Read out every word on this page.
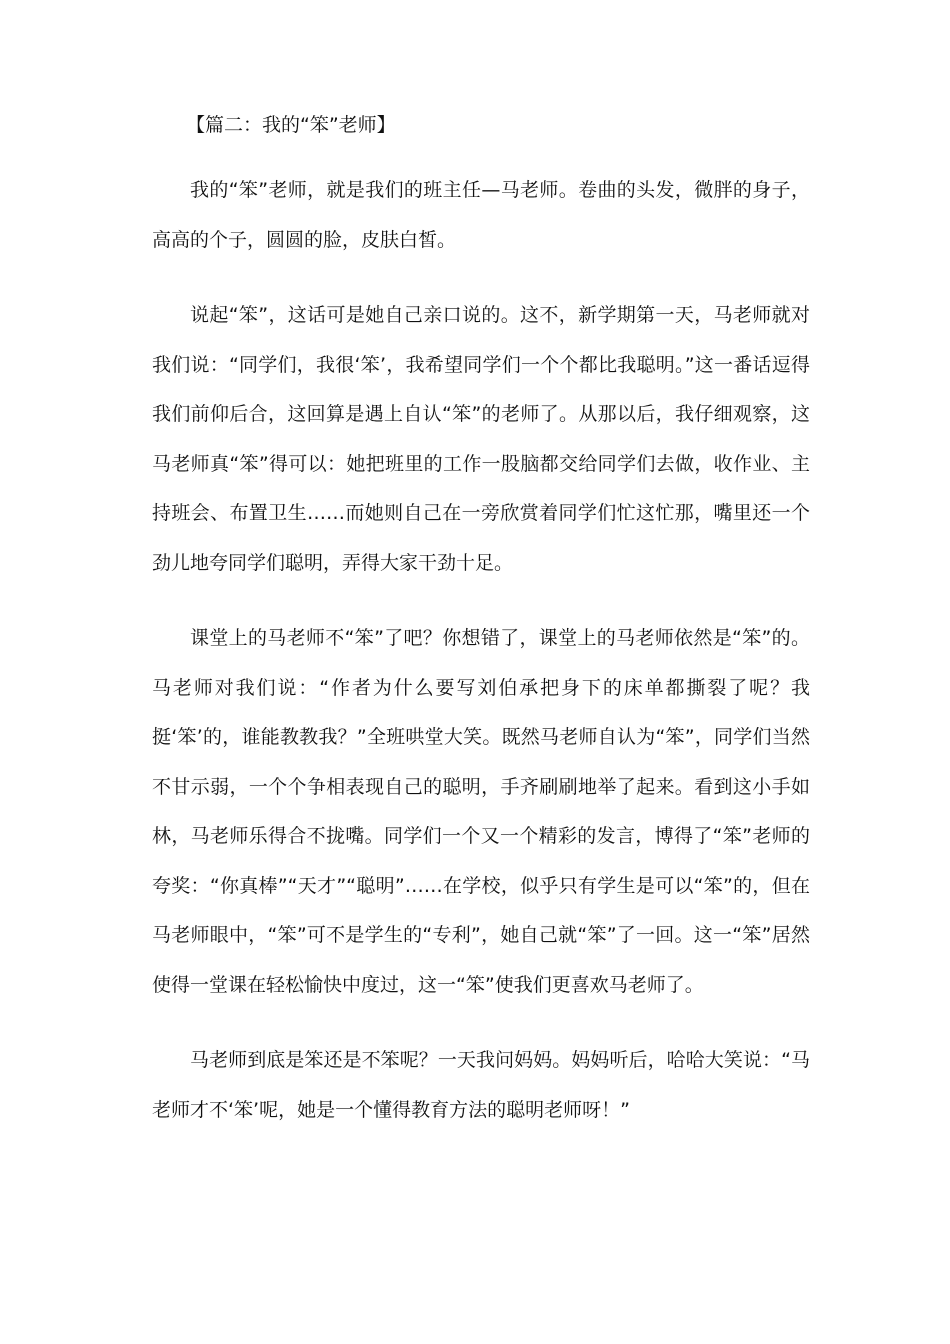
【篇二：我的“笨”老师】

我的“笨”老师，就是我们的班主任—马老师。卷曲的头发，微胖的身子，高高的个子，圆圆的脸，皮肤白皙。

说起“笨”，这话可是她自己亲口说的。这不，新学期第一天，马老师就对我们说：“同学们，我很‘笨’，我希望同学们一个个都比我聪明。”这一番话逗得我们前仰后合，这回算是遇上自认“笨”的老师了。从那以后，我仔细观察，这马老师真“笨”得可以：她把班里的工作一股脑都交给同学们去做，收作业、主持班会、布置卫生……而她则自己在一旁欣赏着同学们忙这忙那，嘴里还一个劲儿地夸同学们聪明，弄得大家干劲十足。

课堂上的马老师不“笨”了吧？你想错了，课堂上的马老师依然是“笨”的。马老师对我们说：“作者为什么要写刘伯承把身下的床单都撕裂了呢？我挺‘笨’的，谁能教教我？”全班哄堂大笑。既然马老师自认为“笨”，同学们当然不甘示弱，一个个争相表现自己的聪明，手齐刷刷地举了起来。看到这小手如林，马老师乐得合不拢嘴。同学们一个又一个精彩的发言，博得了“笨”老师的夸奖：“你真棒”“天才”“聪明”……在学校，似乎只有学生是可以“笨”的，但在马老师眼中，“笨”可不是学生的“专利”，她自己就“笨”了一回。这一“笨”居然使得一堂课在轻松愉快中度过，这一“笨”使我们更喜欢马老师了。

马老师到底是笨还是不笨呢？一天我问妈妈。妈妈听后，哈哈大笑说：“马老师才不‘笨’呢，她是一个懂得教育方法的聪明老师呀！”
